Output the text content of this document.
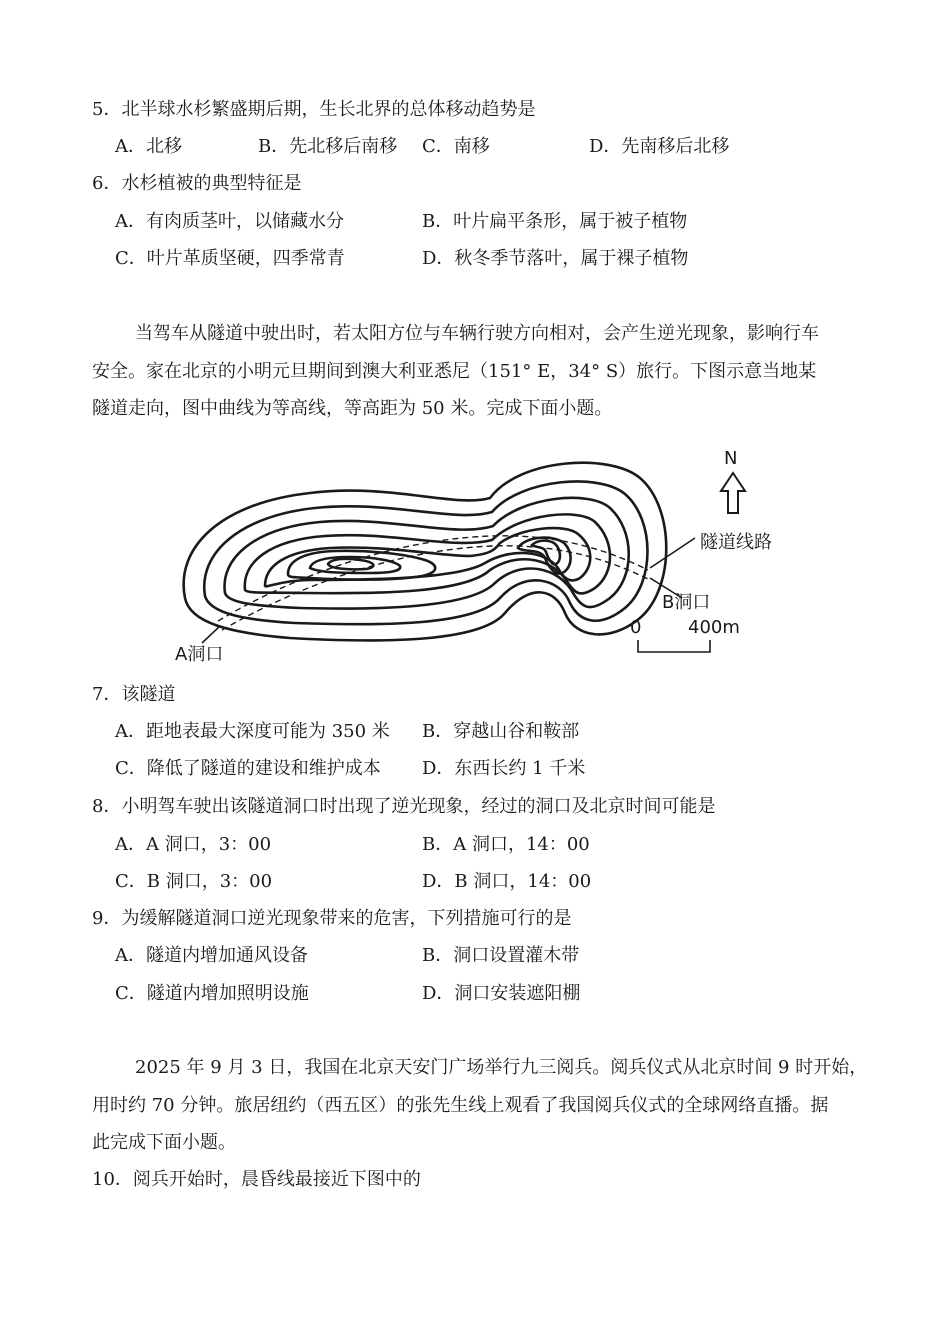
5．北半球水杉繁盛期后期，生长北界的总体移动趋势是
A．北移	B．先北移后南移 C．南移	D．先南移后北移
6．水杉植被的典型特征是
A．有肉质茎叶，以储藏水分	B．叶片扁平条形，属于被子植物
C．叶片革质坚硬，四季常青	D．秋冬季节落叶，属于裸子植物
当驾车从隧道中驶出时，若太阳方位与车辆行驶方向相对，会产生逆光现象，影响行车
安全。家在北京的小明元旦期间到澳大利亚悉尼（151° E，34° S）旅行。下图示意当地某
隧道走向，图中曲线为等高线，等高距为 50 米。完成下面小题。
N
隧道线路
B洞口
A洞口
0	400m
7．该隧道
A．距地表最大深度可能为 350 米 B．穿越山谷和鞍部
C．降低了隧道的建设和维护成本 D．东西长约 1 千米
8．小明驾车驶出该隧道洞口时出现了逆光现象，经过的洞口及北京时间可能是
A．A 洞口，3：00	B．A 洞口，14：00
C．B 洞口，3：00	D．B 洞口，14：00
9．为缓解隧道洞口逆光现象带来的危害，下列措施可行的是
A．隧道内增加通风设备	B．洞口设置灌木带
C．隧道内增加照明设施	D．洞口安装遮阳棚
2025 年 9 月 3 日，我国在北京天安门广场举行九三阅兵。阅兵仪式从北京时间 9 时开始，
用时约 70 分钟。旅居纽约（西五区）的张先生线上观看了我国阅兵仪式的全球网络直播。据
此完成下面小题。
10．阅兵开始时，晨昏线最接近下图中的
